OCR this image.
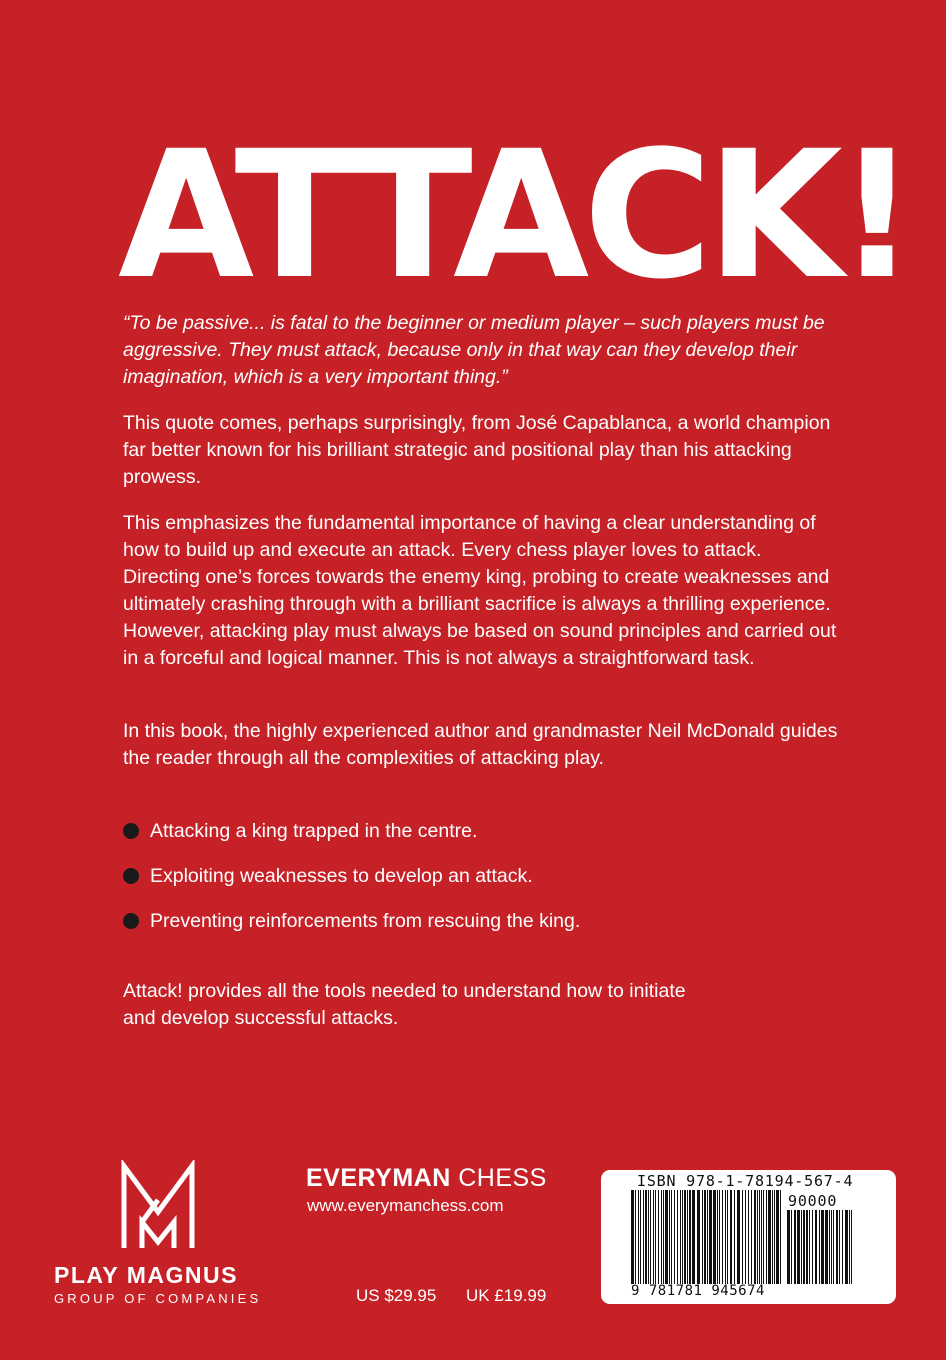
ATTACK!

“To be passive... is fatal to the beginner or medium player – such players must be aggressive. They must attack, because only in that way can they develop their imagination, which is a very important thing.”

This quote comes, perhaps surprisingly, from José Capablanca, a world champion far better known for his brilliant strategic and positional play than his attacking prowess.

This emphasizes the fundamental importance of having a clear understanding of how to build up and execute an attack. Every chess player loves to attack. Directing one’s forces towards the enemy king, probing to create weaknesses and ultimately crashing through with a brilliant sacrifice is always a thrilling experience. However, attacking play must always be based on sound principles and carried out in a forceful and logical manner. This is not always a straightforward task.

In this book, the highly experienced author and grandmaster Neil McDonald guides the reader through all the complexities of attacking play.

Attacking a king trapped in the centre.
Exploiting weaknesses to develop an attack.
Preventing reinforcements from rescuing the king.

Attack! provides all the tools needed to understand how to initiate and develop successful attacks.

PLAY MAGNUS

GROUP OF COMPANIES

EVERYMAN CHESS

www.everymanchess.com

US $29.95 UK £19.99

ISBN 978-1-78194-567-4

90000

9 781781 945674
